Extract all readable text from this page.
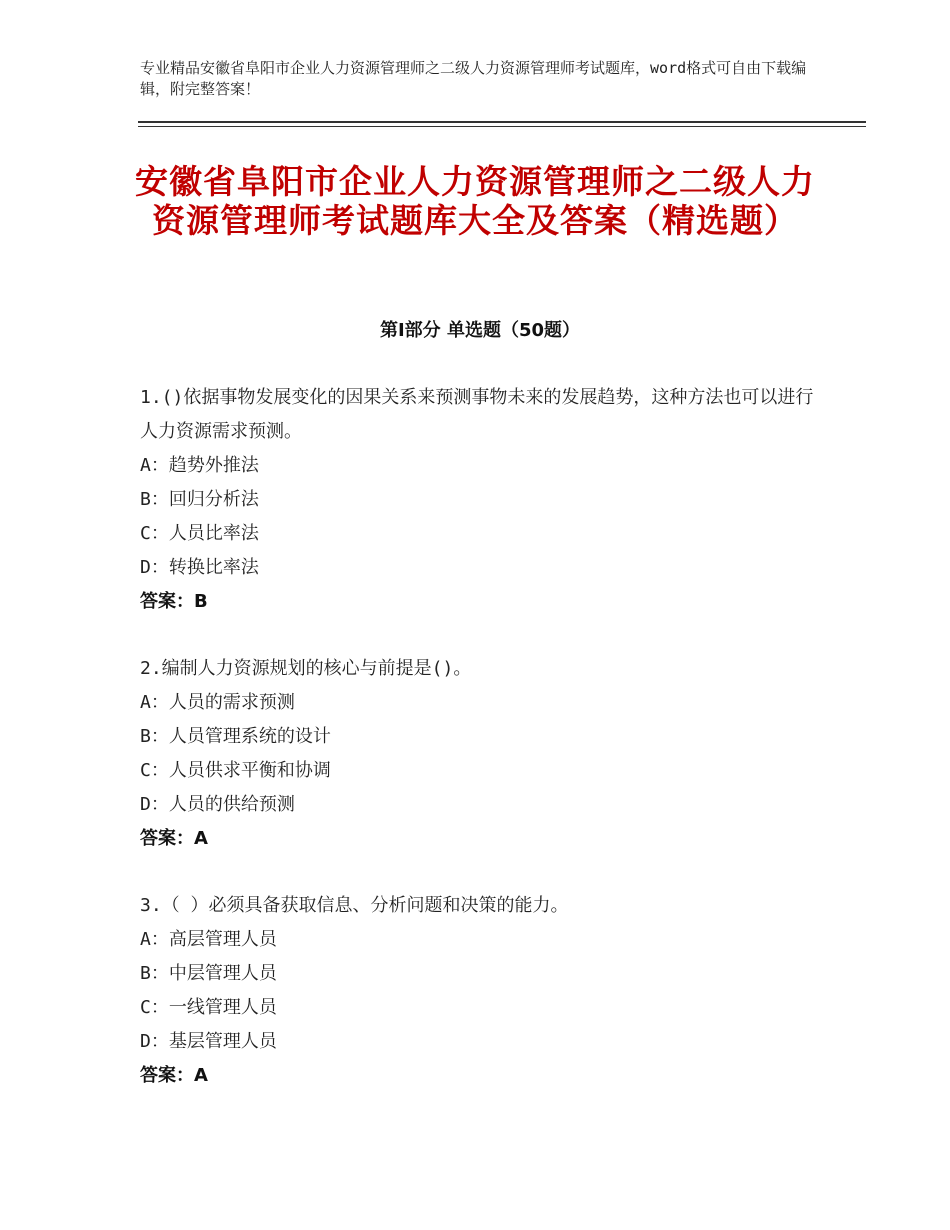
专业精品安徽省阜阳市企业人力资源管理师之二级人力资源管理师考试题库，word格式可自由下载编辑，附完整答案！
安徽省阜阳市企业人力资源管理师之二级人力资源管理师考试题库大全及答案（精选题）
第Ⅰ部分 单选题（50题）
1.()依据事物发展变化的因果关系来预测事物未来的发展趋势，这种方法也可以进行人力资源需求预测。
A：趋势外推法
B：回归分析法
C：人员比率法
D：转换比率法
答案：B
2.编制人力资源规划的核心与前提是()。
A：人员的需求预测
B：人员管理系统的设计
C：人员供求平衡和协调
D：人员的供给预测
答案：A
3.（ ）必须具备获取信息、分析问题和决策的能力。
A：高层管理人员
B：中层管理人员
C：一线管理人员
D：基层管理人员
答案：A
